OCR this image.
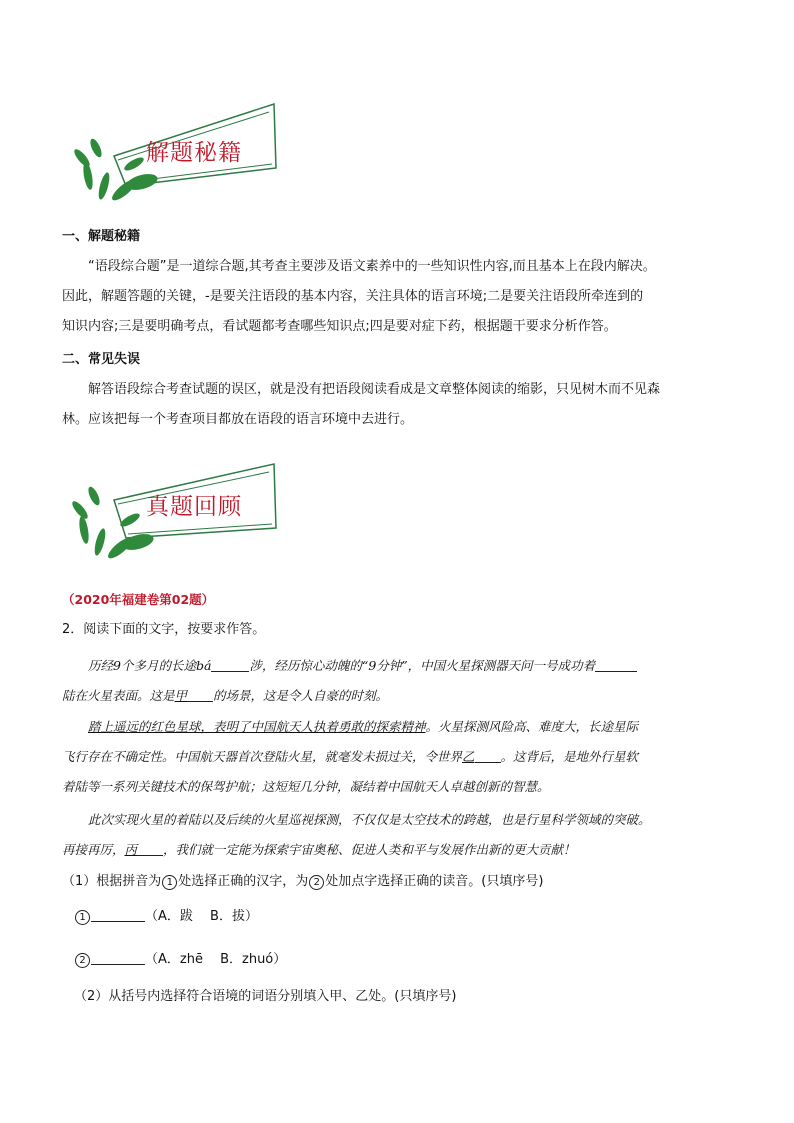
解题秘籍
一、解题秘籍
“语段综合题”是一道综合题,其考查主要涉及语文素养中的一些知识性内容,而且基本上在段内解决。
因此，解题答题的关键，-是要关注语段的基本内容，关注具体的语言环境;二是要关注语段所牵连到的
知识内容;三是要明确考点，看试题都考查哪些知识点;四是要对症下药，根据题干要求分析作答。
二、常见失误
解答语段综合考查试题的误区，就是没有把语段阅读看成是文章整体阅读的缩影，只见树木而不见森
林。应该把每一个考查项目都放在语段的语言环境中去进行。
真题回顾
（2020年福建卷第02题）
2．阅读下面的文字，按要求作答。
历经9个多月的长途bá	涉，经历惊心动魄的“9分钟”，中国火星探测器天问一号成功着
陆在火星表面。这是甲 的场景，这是令人自豪的时刻。
踏上遥远的红色星球，表明了中国航天人执着勇敢的探索精神。火星探测风险高、难度大，长途星际
飞行存在不确定性。中国航天器首次登陆火星，就毫发未损过关，令世界乙 。这背后，是地外行星软
着陆等一系列关键技术的保驾护航；这短短几分钟，凝结着中国航天人卓越创新的智慧。
此次实现火星的着陆以及后续的火星巡视探测，不仅仅是太空技术的跨越，也是行星科学领域的突破。
再接再厉，丙 ，我们就一定能为探索宇宙奥秘、促进人类和平与发展作出新的更大贡献！
（1）根据拼音为 1 处选择正确的汉字，为 2 处加点字选择正确的读音。(只填序号)
1	（A．跋　 B．拔）
2	（A．zhē　 B．zhuó）
（2）从括号内选择符合语境的词语分别填入甲、乙处。(只填序号)
